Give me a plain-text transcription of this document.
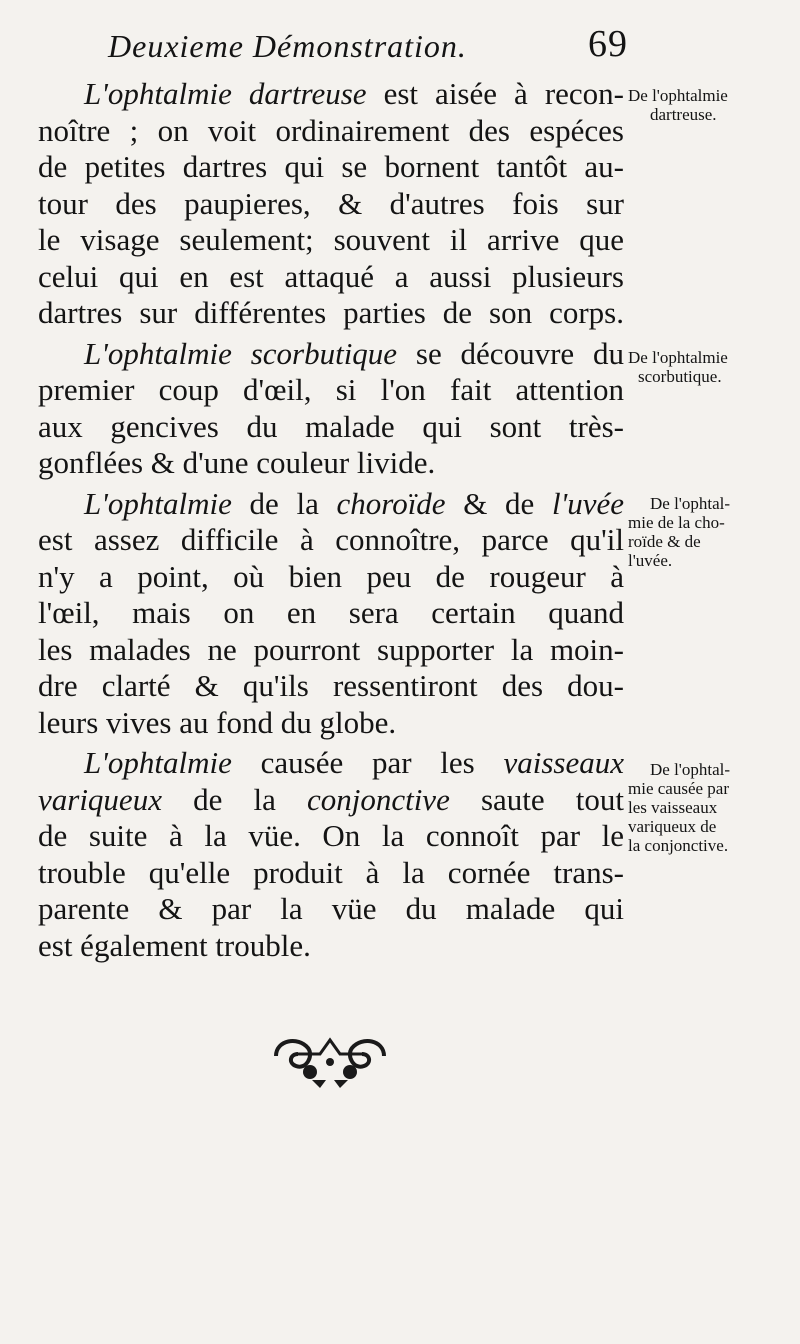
Deuxieme Démonstration.	69
L'ophtalmie dartreuse est aisée à recon-
noître ; on voit ordinairement des espéces
de petites dartres qui se bornent tantôt au-
tour des paupieres, & d'autres fois sur
le visage seulement; souvent il arrive que
celui qui en est attaqué a aussi plusieurs
dartres sur différentes parties de son corps.
L'ophtalmie scorbutique se découvre du
premier coup d'œil, si l'on fait attention
aux gencives du malade qui sont très-
gonflées & d'une couleur livide.
L'ophtalmie de la choroïde & de l'uvée
est assez difficile à connoître, parce qu'il
n'y a point, où bien peu de rougeur à
l'œil, mais on en sera certain quand
les malades ne pourront supporter la moin-
dre clarté & qu'ils ressentiront des dou-
leurs vives au fond du globe.
L'ophtalmie causée par les vaisseaux
variqueux de la conjonctive saute tout
de suite à la vüe. On la connoît par le
trouble qu'elle produit à la cornée trans-
parente & par la vüe du malade qui
est également trouble.
De l'ophtalmie
dartreuse.
De l'ophtalmie
scorbutique.
De l'ophtal-
mie de la cho-
roïde & de
l'uvée.
De l'ophtal-
mie causée par
les vaisseaux
variqueux de
la conjonctive.
